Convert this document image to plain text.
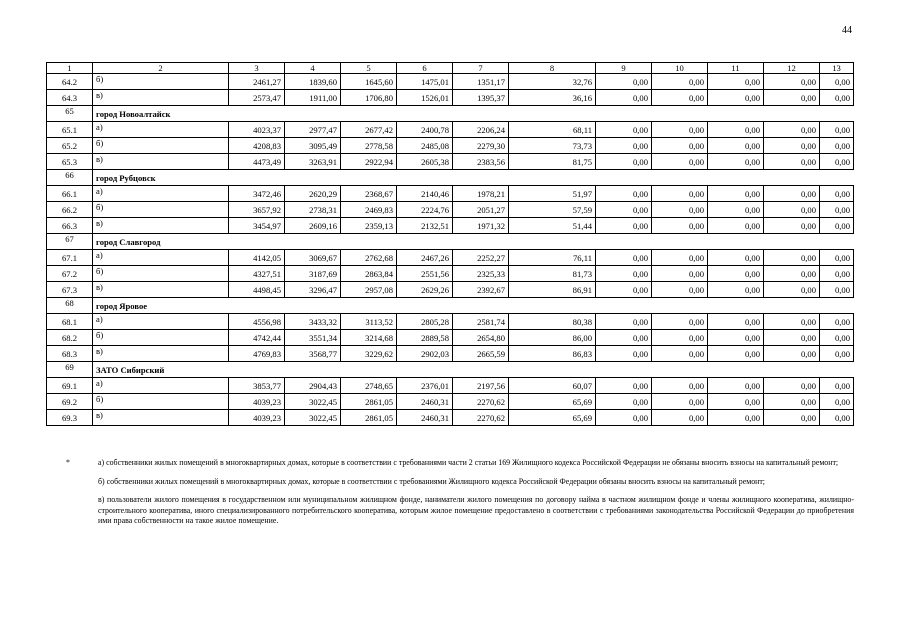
44
1	2	3	4	5	6	7	8	9	10	11	12	13
64.2	б)	2461,27	1839,60	1645,60	1475,01	1351,17	32,76	0,00	0,00	0,00	0,00	0,00
64.3	в)	2573,47	1911,00	1706,80	1526,01	1395,37	36,16	0,00	0,00	0,00	0,00	0,00
65	город Новоалтайск											
65.1	а)	4023,37	2977,47	2677,42	2400,78	2206,24	68,11	0,00	0,00	0,00	0,00	0,00
65.2	б)	4208,83	3095,49	2778,58	2485,08	2279,30	73,73	0,00	0,00	0,00	0,00	0,00
65.3	в)	4473,49	3263,91	2922,94	2605,38	2383,56	81,75	0,00	0,00	0,00	0,00	0,00
66	город Рубцовск											
66.1	а)	3472,46	2620,29	2368,67	2140,46	1978,21	51,97	0,00	0,00	0,00	0,00	0,00
66.2	б)	3657,92	2738,31	2469,83	2224,76	2051,27	57,59	0,00	0,00	0,00	0,00	0,00
66.3	в)	3454,97	2609,16	2359,13	2132,51	1971,32	51,44	0,00	0,00	0,00	0,00	0,00
67	город Славгород											
67.1	а)	4142,05	3069,67	2762,68	2467,26	2252,27	76,11	0,00	0,00	0,00	0,00	0,00
67.2	б)	4327,51	3187,69	2863,84	2551,56	2325,33	81,73	0,00	0,00	0,00	0,00	0,00
67.3	в)	4498,45	3296,47	2957,08	2629,26	2392,67	86,91	0,00	0,00	0,00	0,00	0,00
68	город Яровое											
68.1	а)	4556,98	3433,32	3113,52	2805,28	2581,74	80,38	0,00	0,00	0,00	0,00	0,00
68.2	б)	4742,44	3551,34	3214,68	2889,58	2654,80	86,00	0,00	0,00	0,00	0,00	0,00
68.3	в)	4769,83	3568,77	3229,62	2902,03	2665,59	86,83	0,00	0,00	0,00	0,00	0,00
69	ЗАТО Сибирский											
69.1	а)	3853,77	2904,43	2748,65	2376,01	2197,56	60,07	0,00	0,00	0,00	0,00	0,00
69.2	б)	4039,23	3022,45	2861,05	2460,31	2270,62	65,69	0,00	0,00	0,00	0,00	0,00
69.3	в)	4039,23	3022,45	2861,05	2460,31	2270,62	65,69	0,00	0,00	0,00	0,00	0,00
*	а) собственники жилых помещений в многоквартирных домах, которые в соответствии с требованиями части 2 статьи 169 Жилищного кодекса Российской Федерации не обязаны вносить взносы на капитальный ремонт;
б) собственники жилых помещений в многоквартирных домах, которые в соответствии с требованиями Жилищного кодекса Российской Федерации обязаны вносить взносы на капитальный ремонт;
в) пользователи жилого помещения в государственном или муниципальном жилищном фонде, наниматели жилого помещения по договору найма в частном жилищном фонде и члены жилищного кооператива, жилищно-строительного кооператива, иного специализированного потребительского кооператива, которым жилое помещение предоставлено в соответствии с требованиями законодательства Российской Федерации до приобретения ими права собственности на такое жилое помещение.
